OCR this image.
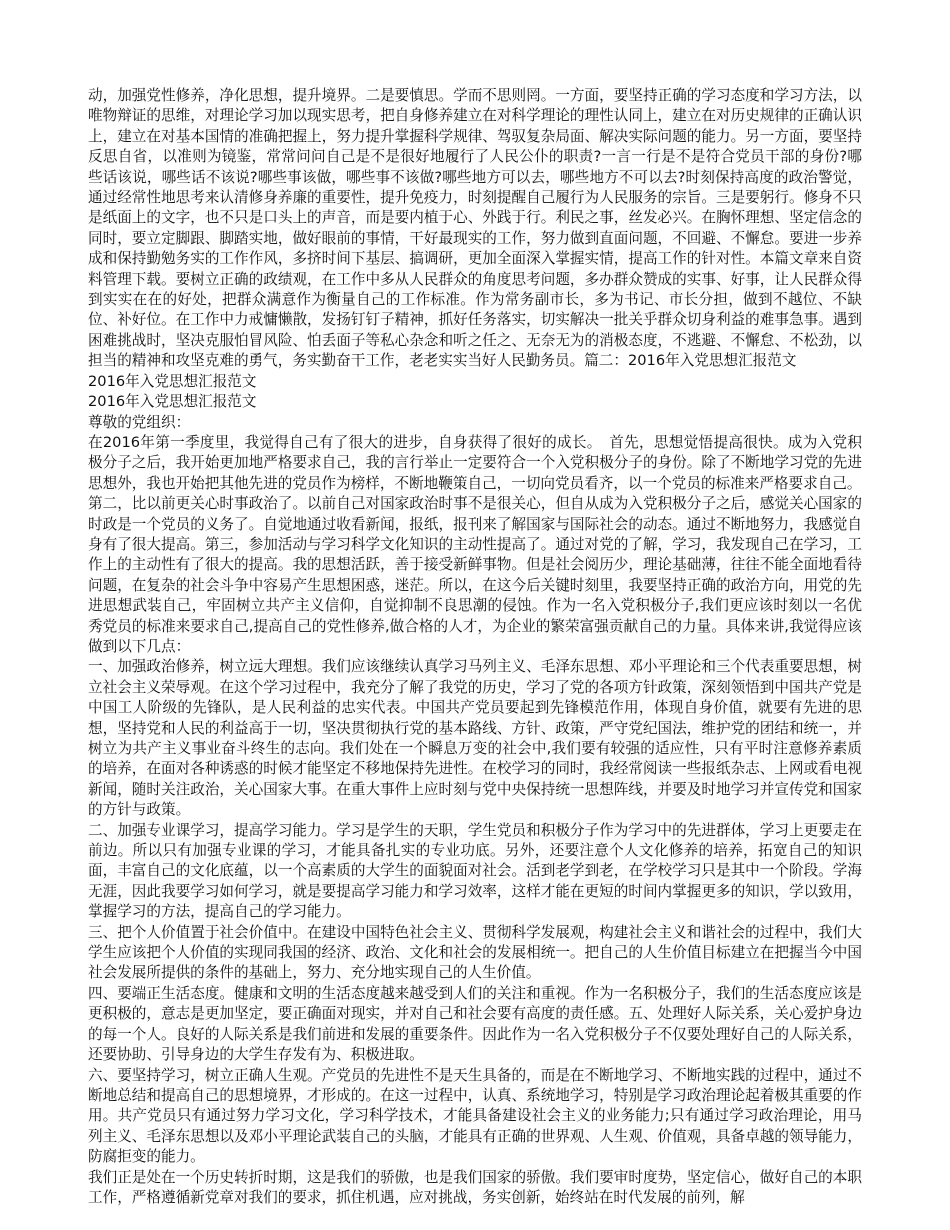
动，加强党性修养，净化思想，提升境界。二是要慎思。学而不思则罔。一方面，要坚持正确的学习态度和学习方法，以唯物辩证的思维，对理论学习加以现实思考，把自身修养建立在对科学理论的理性认同上，建立在对历史规律的正确认识上，建立在对基本国情的准确把握上，努力提升掌握科学规律、驾驭复杂局面、解决实际问题的能力。另一方面，要坚持反思自省，以准则为镜鉴，常常问问自己是不是很好地履行了人民公仆的职责?一言一行是不是符合党员干部的身份?哪些话该说，哪些话不该说?哪些事该做，哪些事不该做?哪些地方可以去，哪些地方不可以去?时刻保持高度的政治警觉，通过经常性地思考来认清修身养廉的重要性，提升免疫力，时刻提醒自己履行为人民服务的宗旨。三是要躬行。修身不只是纸面上的文字，也不只是口头上的声音，而是要内植于心、外践于行。利民之事，丝发必兴。在胸怀理想、坚定信念的同时，要立定脚跟、脚踏实地，做好眼前的事情，干好最现实的工作，努力做到直面问题，不回避、不懈怠。要进一步养成和保持勤勉务实的工作作风，多挤时间下基层、搞调研，更加全面深入掌握实情，提高工作的针对性。本篇文章来自资料管理下载。要树立正确的政绩观，在工作中多从人民群众的角度思考问题，多办群众赞成的实事、好事，让人民群众得到实实在在的好处，把群众满意作为衡量自己的工作标准。作为常务副市长，多为书记、市长分担，做到不越位、不缺位、补好位。在工作中力戒慵懒散，发扬钉钉子精神，抓好任务落实，切实解决一批关乎群众切身利益的难事急事。遇到困难挑战时，坚决克服怕冒风险、怕丢面子等私心杂念和听之任之、无奈无为的消极态度，不逃避、不懈怠、不松劲，以担当的精神和攻坚克难的勇气，务实勤奋干工作，老老实实当好人民勤务员。篇二：2016年入党思想汇报范文

2016年入党思想汇报范文

2016年入党思想汇报范文

尊敬的党组织：

在2016年第一季度里，我觉得自己有了很大的进步，自身获得了很好的成长。　首先，思想觉悟提高很快。成为入党积极分子之后，我开始更加地严格要求自己，我的言行举止一定要符合一个入党积极分子的身份。除了不断地学习党的先进思想外，我也开始把其他先进的党员作为榜样，不断地鞭策自己，一切向党员看齐，以一个党员的标准来严格要求自己。

第二，比以前更关心时事政治了。以前自己对国家政治时事不是很关心，但自从成为入党积极分子之后，感觉关心国家的时政是一个党员的义务了。自觉地通过收看新闻，报纸，报刊来了解国家与国际社会的动态。通过不断地努力，我感觉自身有了很大提高。第三，参加活动与学习科学文化知识的主动性提高了。通过对党的了解，学习，我发现自己在学习，工作上的主动性有了很大的提高。我的思想活跃，善于接受新鲜事物。但是社会阅历少，理论基础薄，往往不能全面地看待问题，在复杂的社会斗争中容易产生思想困惑，迷茫。所以，在这今后关键时刻里，我要坚持正确的政治方向，用党的先进思想武装自己，牢固树立共产主义信仰，自觉抑制不良思潮的侵蚀。作为一名入党积极分子,我们更应该时刻以一名优秀党员的标准来要求自己,提高自己的党性修养,做合格的人才，为企业的繁荣富强贡献自己的力量。具体来讲,我觉得应该做到以下几点：

一、加强政治修养，树立远大理想。我们应该继续认真学习马列主义、毛泽东思想、邓小平理论和三个代表重要思想，树立社会主义荣辱观。在这个学习过程中，我充分了解了我党的历史，学习了党的各项方针政策，深刻领悟到中国共产党是中国工人阶级的先锋队，是人民利益的忠实代表。中国共产党员要起到先锋模范作用，体现自身价值，就要有先进的思想，坚持党和人民的利益高于一切，坚决贯彻执行党的基本路线、方针、政策，严守党纪国法，维护党的团结和统一，并树立为共产主义事业奋斗终生的志向。我们处在一个瞬息万变的社会中,我们要有较强的适应性，只有平时注意修养素质的培养，在面对各种诱惑的时候才能坚定不移地保持先进性。在校学习的同时，我经常阅读一些报纸杂志、上网或看电视新闻，随时关注政治，关心国家大事。在重大事件上应时刻与党中央保持统一思想阵线，并要及时地学习并宣传党和国家的方针与政策。

二、加强专业课学习，提高学习能力。学习是学生的天职，学生党员和积极分子作为学习中的先进群体，学习上更要走在前边。所以只有加强专业课的学习，才能具备扎实的专业功底。另外，还要注意个人文化修养的培养，拓宽自己的知识面，丰富自己的文化底蕴，以一个高素质的大学生的面貌面对社会。活到老学到老，在学校学习只是其中一个阶段。学海无涯，因此我要学习如何学习，就是要提高学习能力和学习效率，这样才能在更短的时间内掌握更多的知识，学以致用，掌握学习的方法，提高自己的学习能力。

三、把个人价值置于社会价值中。在建设中国特色社会主义、贯彻科学发展观，构建社会主义和谐社会的过程中，我们大学生应该把个人价值的实现同我国的经济、政治、文化和社会的发展相统一。把自己的人生价值目标建立在把握当今中国社会发展所提供的条件的基础上，努力、充分地实现自己的人生价值。

四、要端正生活态度。健康和文明的生活态度越来越受到人们的关注和重视。作为一名积极分子，我们的生活态度应该是更积极的，意志是更加坚定，要正确面对现实，并对自己和社会要有高度的责任感。五、处理好人际关系，关心爱护身边的每一个人。良好的人际关系是我们前进和发展的重要条件。因此作为一名入党积极分子不仅要处理好自己的人际关系，还要协助、引导身边的大学生存发有为、积极进取。

六、要坚持学习，树立正确人生观。产党员的先进性不是天生具备的，而是在不断地学习、不断地实践的过程中，通过不断地总结和提高自己的思想境界，才形成的。在这一过程中，认真、系统地学习，特别是学习政治理论起着极其重要的作用。共产党员只有通过努力学习文化，学习科学技术，才能具备建设社会主义的业务能力;只有通过学习政治理论，用马列主义、毛泽东思想以及邓小平理论武装自己的头脑，才能具有正确的世界观、人生观、价值观，具备卓越的领导能力，防腐拒变的能力。

我们正是处在一个历史转折时期，这是我们的骄傲，也是我们国家的骄傲。我们要审时度势，坚定信心，做好自己的本职工作，严格遵循新党章对我们的要求，抓住机遇，应对挑战，务实创新，始终站在时代发展的前列，解
